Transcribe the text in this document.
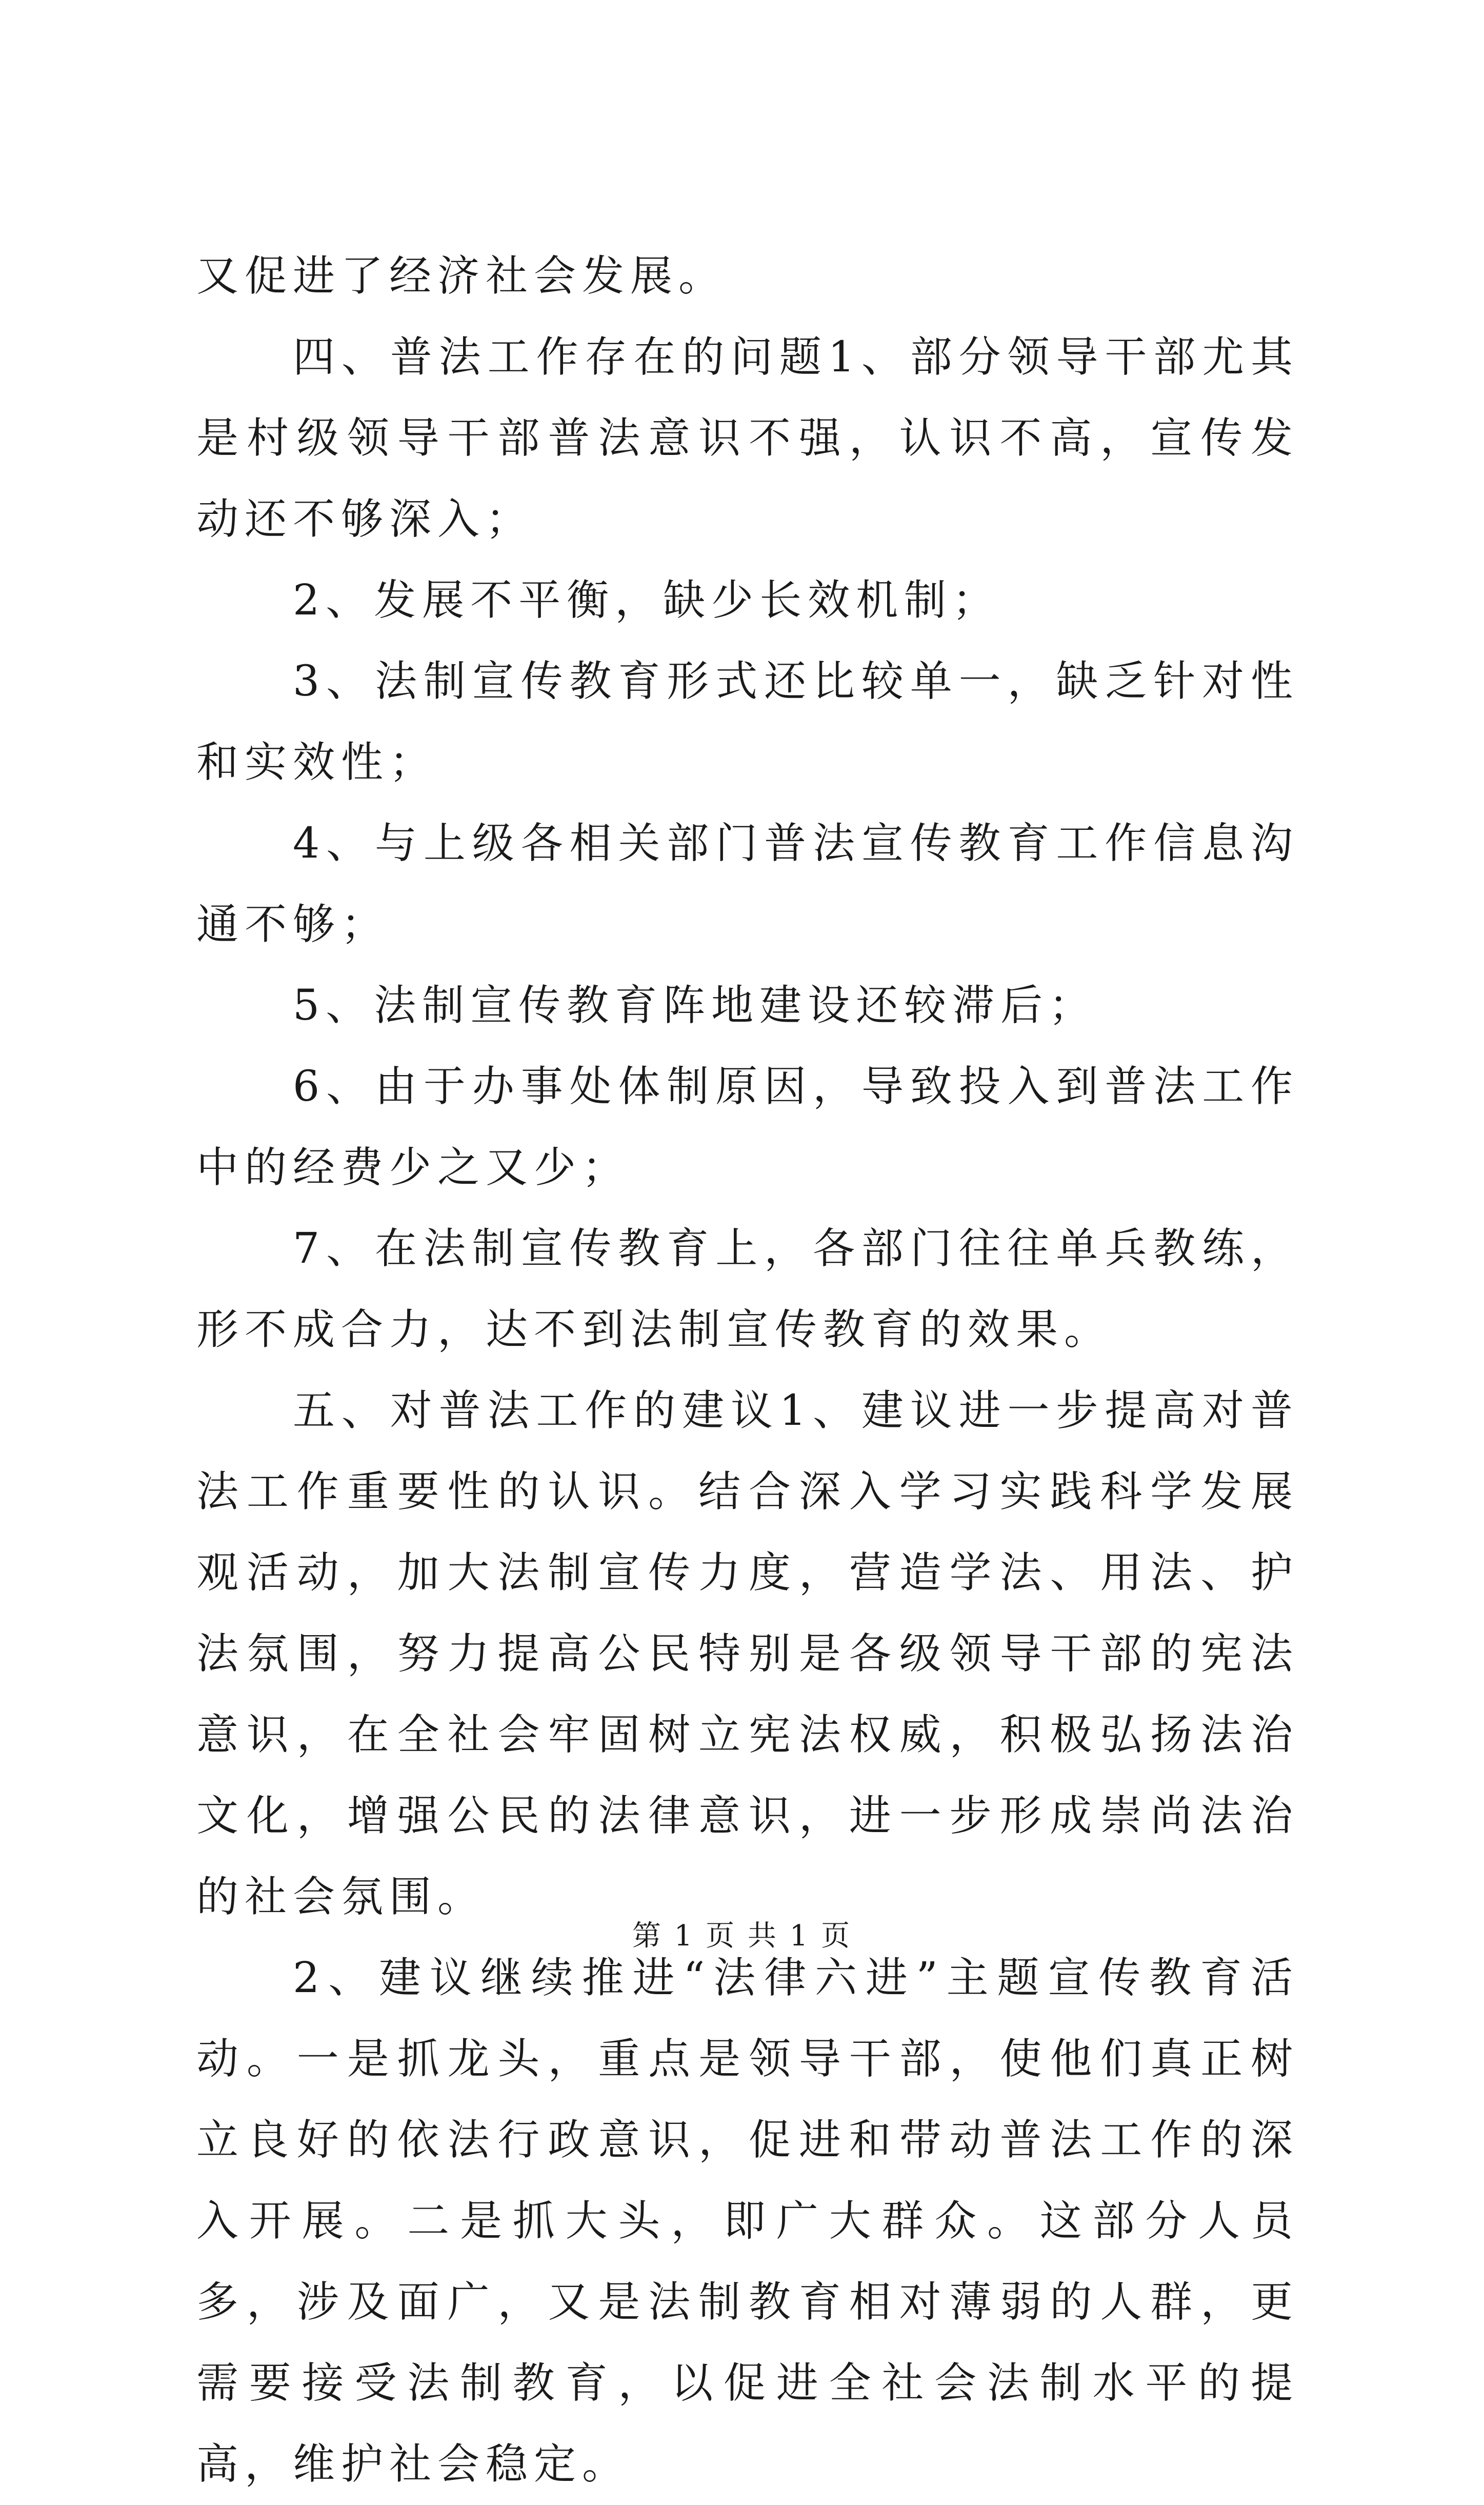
又促进了经济社会发展。

四、普法工作存在的问题1、部分领导干部尤其是村级领导干部普法意识不强，认识不高，宣传发动还不够深入；

2、发展不平衡，缺少长效机制；

3、法制宣传教育形式还比较单一，缺乏针对性和实效性；

4、与上级各相关部门普法宣传教育工作信息沟通不够；

5、法制宣传教育阵地建设还较滞后；

6、由于办事处体制原因，导致投入到普法工作中的经费少之又少；

7、在法制宣传教育上，各部门往往单兵教练，形不成合力，达不到法制宣传教育的效果。

五、对普法工作的建议1、建议进一步提高对普法工作重要性的认识。结合深入学习实践科学发展观活动，加大法制宣传力度，营造学法、用法、护法氛围，努力提高公民特别是各级领导干部的宪法意识，在全社会牢固树立宪法权威，积极弘扬法治文化，增强公民的法律意识，进一步形成崇尚法治的社会氛围。

2、建议继续推进“法律六进”主题宣传教育活动。一是抓龙头，重点是领导干部，使他们真正树立良好的依法行政意识，促进和带动普法工作的深入开展。二是抓大头，即广大群众。这部分人员多，涉及面广，又是法制教育相对薄弱的人群，更需要接受法制教育，以促进全社会法制水平的提高，维护社会稳定。

第 1 页 共 1 页
